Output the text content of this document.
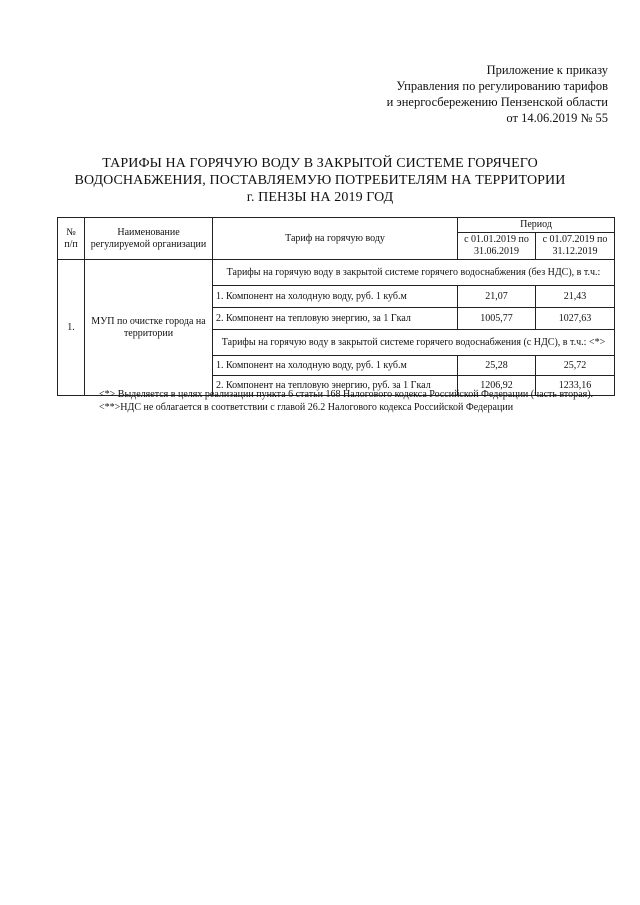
Приложение к приказу
Управления по регулированию тарифов
и энергосбережению Пензенской области
от 14.06.2019 № 55
ТАРИФЫ НА ГОРЯЧУЮ ВОДУ В ЗАКРЫТОЙ СИСТЕМЕ ГОРЯЧЕГО
ВОДОСНАБЖЕНИЯ, ПОСТАВЛЯЕМУЮ ПОТРЕБИТЕЛЯМ НА ТЕРРИТОРИИ
г. ПЕНЗЫ НА 2019 ГОД
№ п/п	Наименование регулируемой организации	Тариф на горячую воду	Период	
			с 01.01.2019 по 31.06.2019	с 01.07.2019 по 31.12.2019
1.	МУП по очистке города на территории	Тарифы на горячую воду в закрытой системе горячего водоснабжения (без НДС), в т.ч.:		
		1. Компонент на холодную воду, руб. 1 куб.м	21,07	21,43
		2. Компонент на тепловую энергию, за 1 Гкал	1005,77	1027,63
		Тарифы на горячую воду в закрытой системе горячего водоснабжения (с НДС), в т.ч.: <*>		
		1. Компонент на холодную воду, руб. 1 куб.м	25,28	25,72
		2. Компонент на тепловую энергию, руб. за 1 Гкал	1206,92	1233,16

<*> Выделяется в целях реализации пункта 6 статьи 168 Налогового кодекса Российской Федерации (часть вторая).

<**>НДС не облагается в соответствии с главой 26.2 Налогового кодекса Российской Федерации
